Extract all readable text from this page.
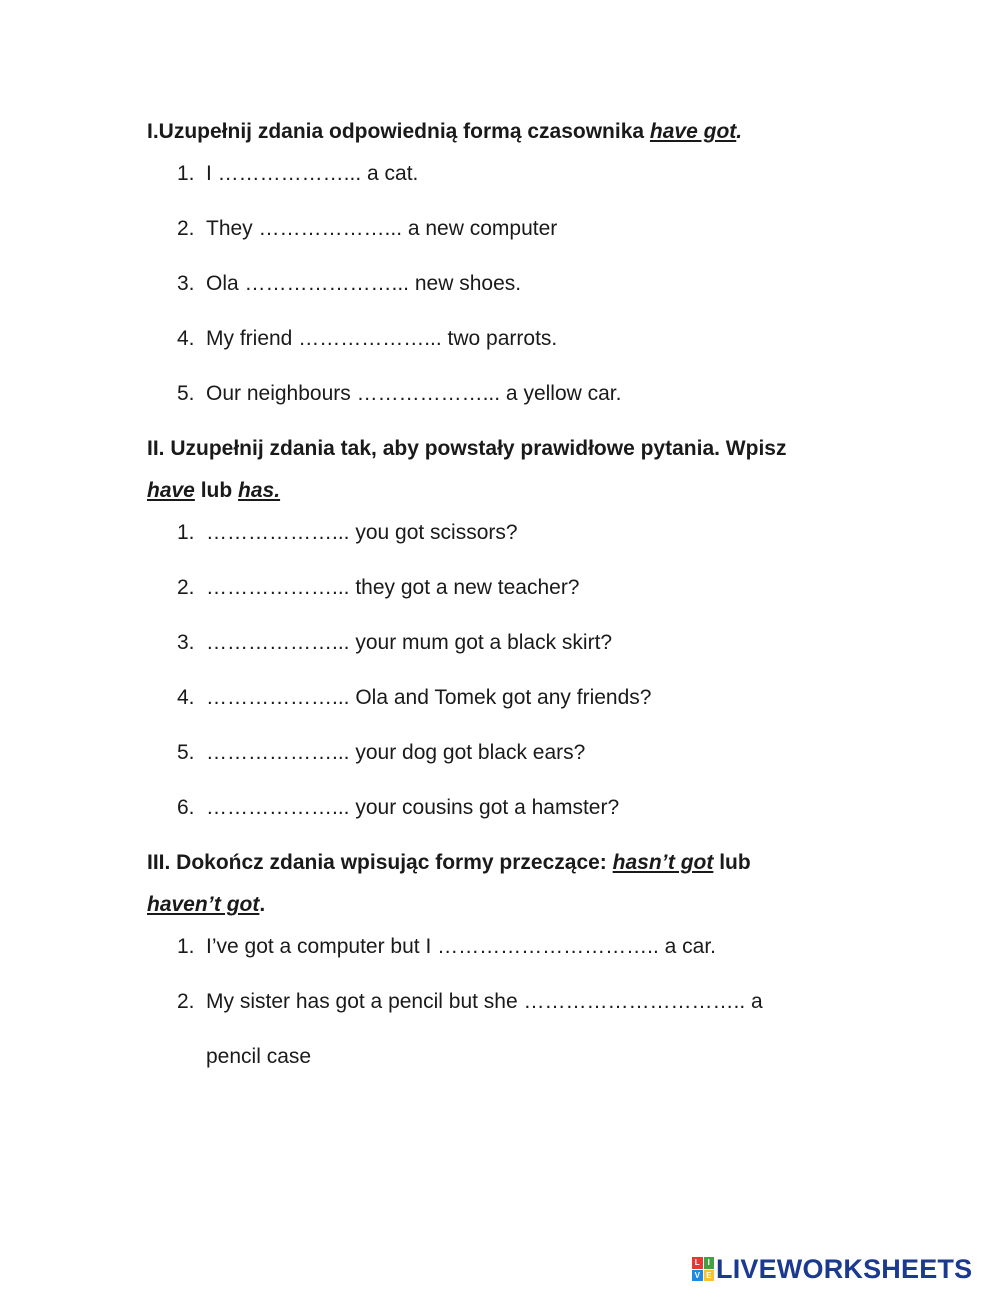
I.Uzupełnij zdania odpowiednią formą czasownika have got.
1. I ………………... a cat.
2. They ………………... a new computer
3. Ola …………………... new shoes.
4. My friend ………………... two parrots.
5. Our neighbours ………………... a yellow car.
II. Uzupełnij zdania tak, aby powstały prawidłowe pytania. Wpisz
have lub has.
1. ………………... you got scissors?
2. ………………... they got a new teacher?
3. ………………... your mum got a black skirt?
4. ………………... Ola and Tomek got any friends?
5. ………………... your dog got black ears?
6. ………………... your cousins got a hamster?
III. Dokończ zdania wpisując formy przeczące: hasn’t got lub
haven’t got.
1. I’ve got a computer but I ………………………….. a car.
2. My sister has got a pencil but she ………………………….. a
pencil case
L I
V E LIVEWORKSHEETS
